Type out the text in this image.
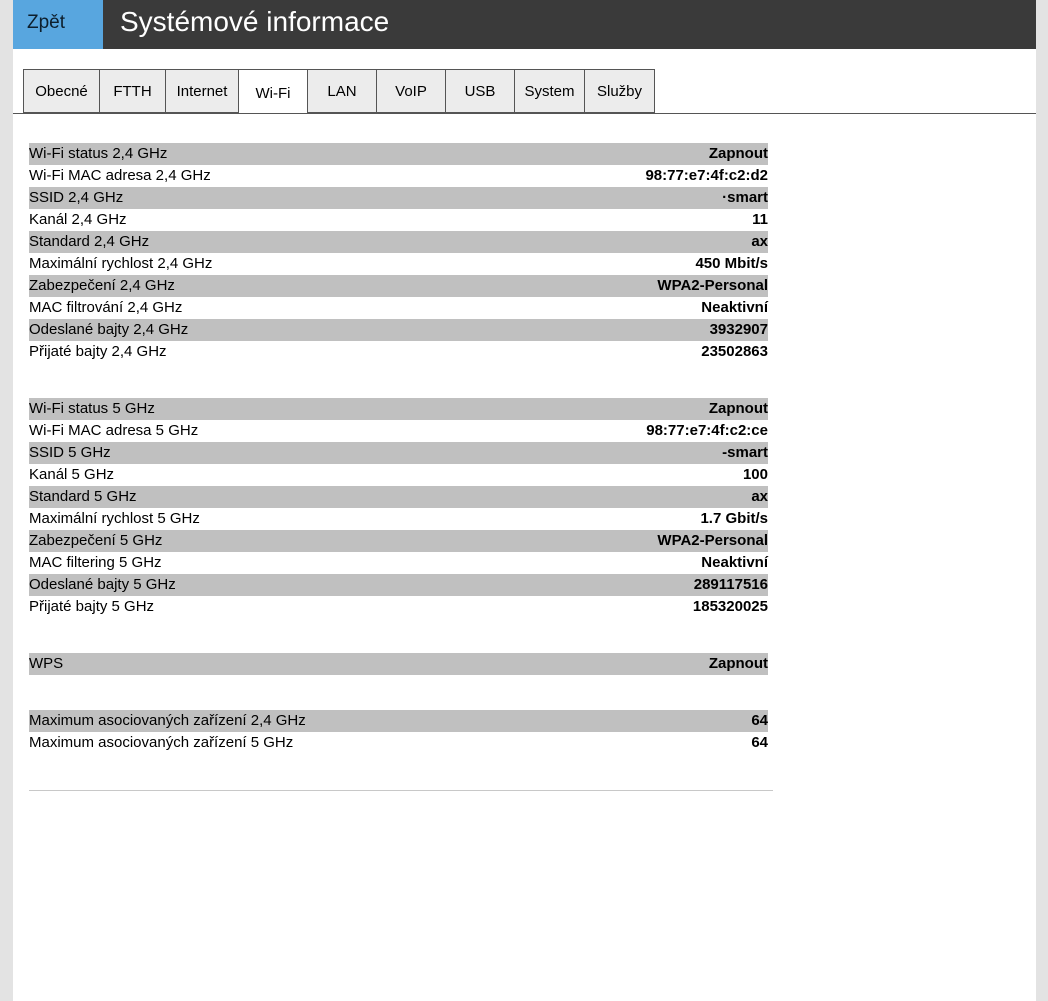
Zpět	Systémové informace
Obecné	FTTH	Internet	Wi-Fi	LAN	VoIP	USB	System	Služby
Wi-Fi status 2,4 GHz	Zapnout
Wi-Fi MAC adresa 2,4 GHz	98:77:e7:4f:c2:d2
SSID 2,4 GHz	·smart
Kanál 2,4 GHz	11
Standard 2,4 GHz	ax
Maximální rychlost 2,4 GHz	450 Mbit/s
Zabezpečení 2,4 GHz	WPA2-Personal
MAC filtrování 2,4 GHz	Neaktivní
Odeslané bajty 2,4 GHz	3932907
Přijaté bajty 2,4 GHz	23502863
Wi-Fi status 5 GHz	Zapnout
Wi-Fi MAC adresa 5 GHz	98:77:e7:4f:c2:ce
SSID 5 GHz	-smart
Kanál 5 GHz	100
Standard 5 GHz	ax
Maximální rychlost 5 GHz	1.7 Gbit/s
Zabezpečení 5 GHz	WPA2-Personal
MAC filtering 5 GHz	Neaktivní
Odeslané bajty 5 GHz	289117516
Přijaté bajty 5 GHz	185320025
WPS	Zapnout
Maximum asociovaných zařízení 2,4 GHz	64
Maximum asociovaných zařízení 5 GHz	64
